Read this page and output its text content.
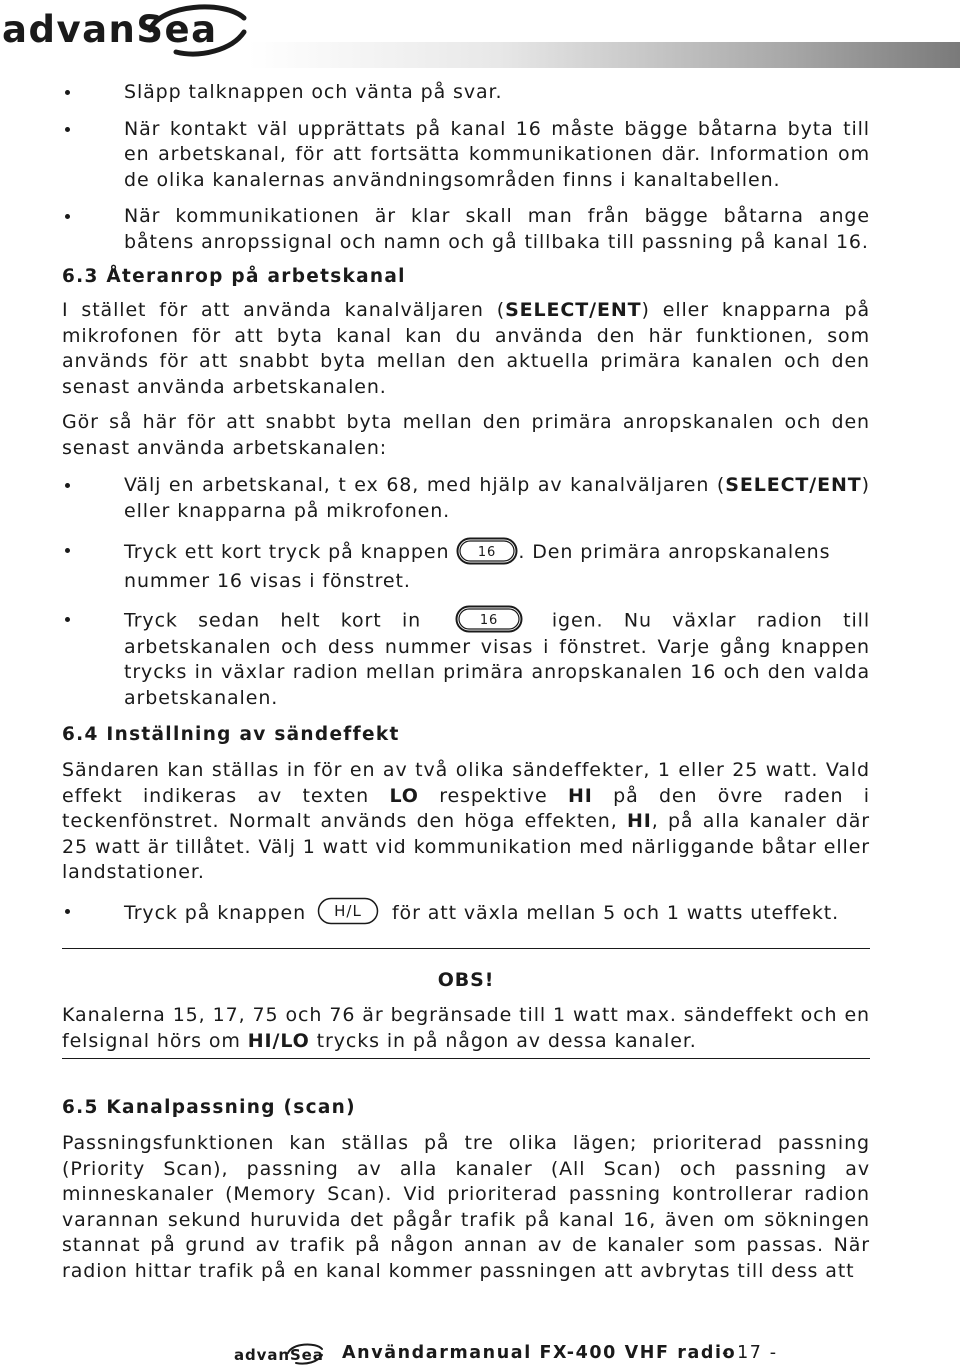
advanSea
Släpp talknappen och vänta på svar.
När kontakt väl upprättats på kanal 16 måste bägge båtarna byta till en arbetskanal, för att fortsätta kommunikationen där. Information om de olika kanalernas användningsområden finns i kanaltabellen.
När kommunikationen är klar skall man från bägge båtarna ange båtens anropssignal och namn och gå tillbaka till passning på kanal 16.
6.3 Återanrop på arbetskanal
I stället för att använda kanalväljaren (SELECT/ENT) eller knapparna på mikrofonen för att byta kanal kan du använda den här funktionen, som används för att snabbt byta mellan den aktuella primära kanalen och den senast använda arbetskanalen.
Gör så här för att snabbt byta mellan den primära anropskanalen och den senast använda arbetskanalen:
Välj en arbetskanal, t ex 68, med hjälp av kanalväljaren (SELECT/ENT) eller knapparna på mikrofonen.
Tryck ett kort tryck på knappen 16 . Den primära anropskanalens nummer 16 visas i fönstret.
Tryck sedan helt kort in	16	igen. Nu växlar radion till arbetskanalen och dess nummer visas i fönstret. Varje gång knappen trycks in växlar radion mellan primära anropskanalen 16 och den valda arbetskanalen.
6.4 Inställning av sändeffekt
Sändaren kan ställas in för en av två olika sändeffekter, 1 eller 25 watt. Vald effekt indikeras av texten LO respektive HI på den övre raden i teckenfönstret. Normalt används den höga effekten, HI, på alla kanaler där 25 watt är tillåtet. Välj 1 watt vid kommunikation med närliggande båtar eller landstationer.
Tryck på knappen H/L för att växla mellan 5 och 1 watts uteffekt.
OBS!
Kanalerna 15, 17, 75 och 76 är begränsade till 1 watt max. sändeffekt och en felsignal hörs om HI/LO trycks in på någon av dessa kanaler.
6.5 Kanalpassning (scan)
Passningsfunktionen kan ställas på tre olika lägen; prioriterad passning (Priority Scan), passning av alla kanaler (All Scan) och passning av minneskanaler (Memory Scan). Vid prioriterad passning kontrollerar radion varannan sekund huruvida det pågår trafik på kanal 16, även om sökningen stannat på grund av trafik på någon annan av de kanaler som passas. När radion hittar trafik på en kanal kommer passningen att avbrytas till dess att
advanSea Användarmanual FX-400 VHF radio
- 17 -
